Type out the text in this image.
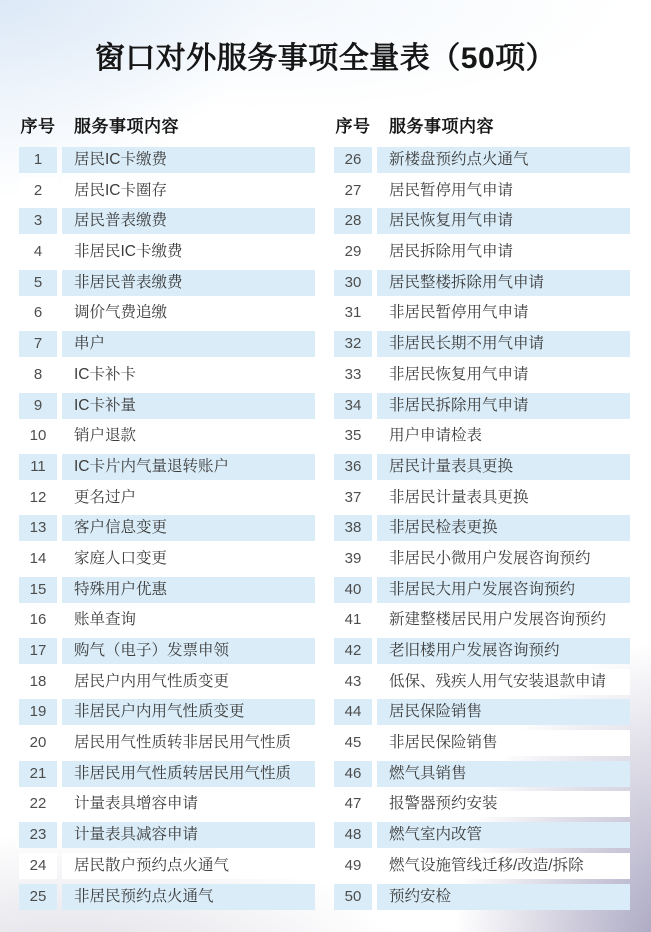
窗口对外服务事项全量表（50项）
序号	服务事项内容
1	居民IC卡缴费
2	居民IC卡圈存
3	居民普表缴费
4	非居民IC卡缴费
5	非居民普表缴费
6	调价气费追缴
7	串户
8	IC卡补卡
9	IC卡补量
10	销户退款
11	IC卡片内气量退转账户
12	更名过户
13	客户信息变更
14	家庭人口变更
15	特殊用户优惠
16	账单查询
17	购气（电子）发票申领
18	居民户内用气性质变更
19	非居民户内用气性质变更
20	居民用气性质转非居民用气性质
21	非居民用气性质转居民用气性质
22	计量表具增容申请
23	计量表具减容申请
24	居民散户预约点火通气
25	非居民预约点火通气
序号	服务事项内容
26	新楼盘预约点火通气
27	居民暂停用气申请
28	居民恢复用气申请
29	居民拆除用气申请
30	居民整楼拆除用气申请
31	非居民暂停用气申请
32	非居民长期不用气申请
33	非居民恢复用气申请
34	非居民拆除用气申请
35	用户申请检表
36	居民计量表具更换
37	非居民计量表具更换
38	非居民检表更换
39	非居民小微用户发展咨询预约
40	非居民大用户发展咨询预约
41	新建整楼居民用户发展咨询预约
42	老旧楼用户发展咨询预约
43	低保、残疾人用气安装退款申请
44	居民保险销售
45	非居民保险销售
46	燃气具销售
47	报警器预约安装
48	燃气室内改管
49	燃气设施管线迁移/改造/拆除
50	预约安检
